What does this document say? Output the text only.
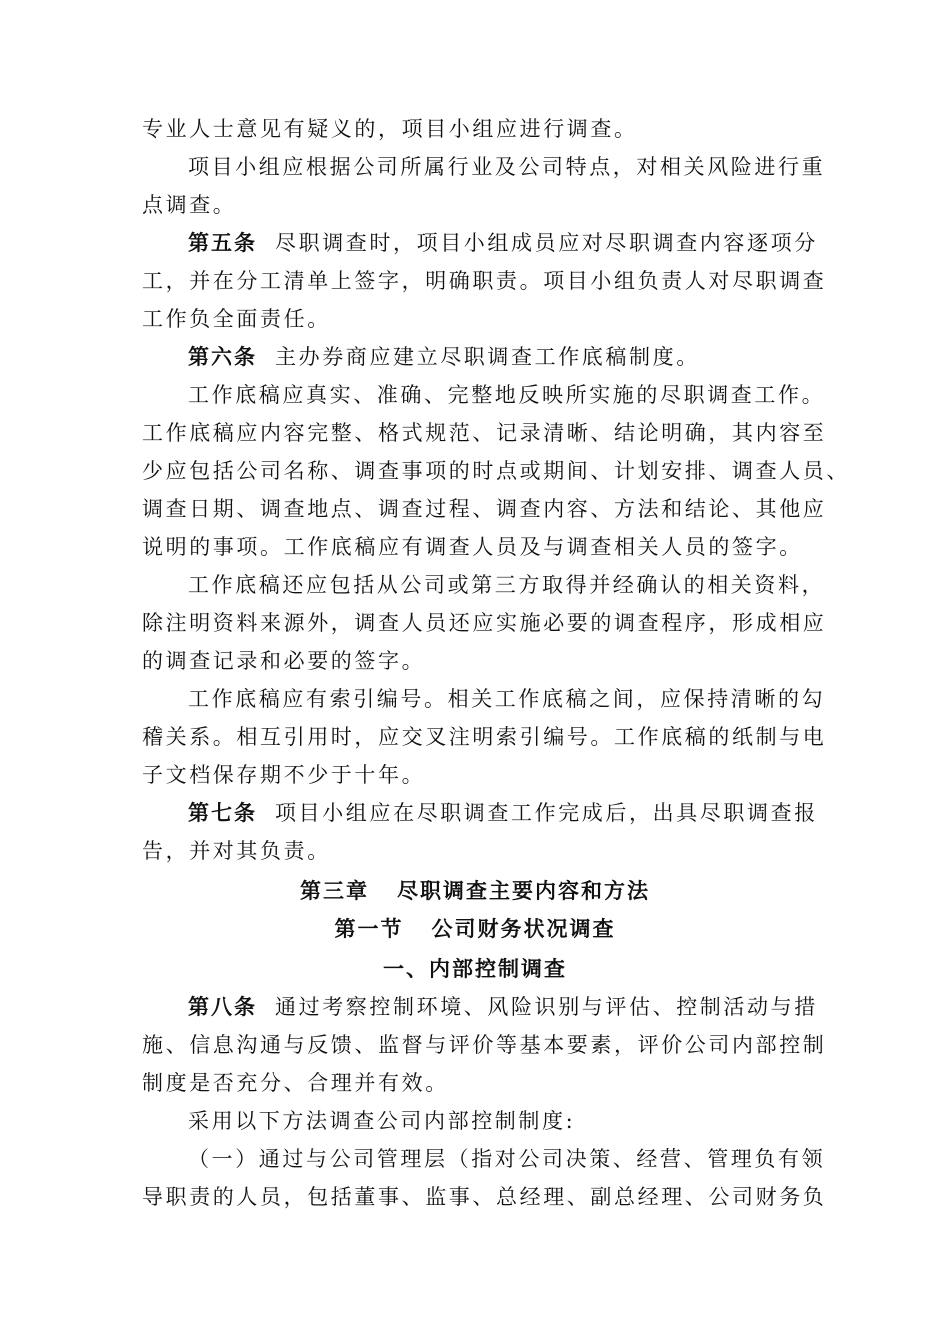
专业人士意见有疑义的，项目小组应进行调查。
项目小组应根据公司所属行业及公司特点，对相关风险进行重
点调查。
第五条 尽职调查时，项目小组成员应对尽职调查内容逐项分
工，并在分工清单上签字，明确职责。项目小组负责人对尽职调查
工作负全面责任。
第六条 主办券商应建立尽职调查工作底稿制度。
工作底稿应真实、准确、完整地反映所实施的尽职调查工作。
工作底稿应内容完整、格式规范、记录清晰、结论明确，其内容至
少应包括公司名称、调查事项的时点或期间、计划安排、调查人员、
调查日期、调查地点、调查过程、调查内容、方法和结论、其他应
说明的事项。工作底稿应有调查人员及与调查相关人员的签字。
工作底稿还应包括从公司或第三方取得并经确认的相关资料，
除注明资料来源外，调查人员还应实施必要的调查程序，形成相应
的调查记录和必要的签字。
工作底稿应有索引编号。相关工作底稿之间，应保持清晰的勾
稽关系。相互引用时，应交叉注明索引编号。工作底稿的纸制与电
子文档保存期不少于十年。
第七条 项目小组应在尽职调查工作完成后，出具尽职调查报
告，并对其负责。
第三章   尽职调查主要内容和方法
第一节   公司财务状况调查
一、内部控制调查
第八条 通过考察控制环境、风险识别与评估、控制活动与措
施、信息沟通与反馈、监督与评价等基本要素，评价公司内部控制
制度是否充分、合理并有效。
采用以下方法调查公司内部控制制度:
（一）通过与公司管理层（指对公司决策、经营、管理负有领
导职责的人员，包括董事、监事、总经理、副总经理、公司财务负
